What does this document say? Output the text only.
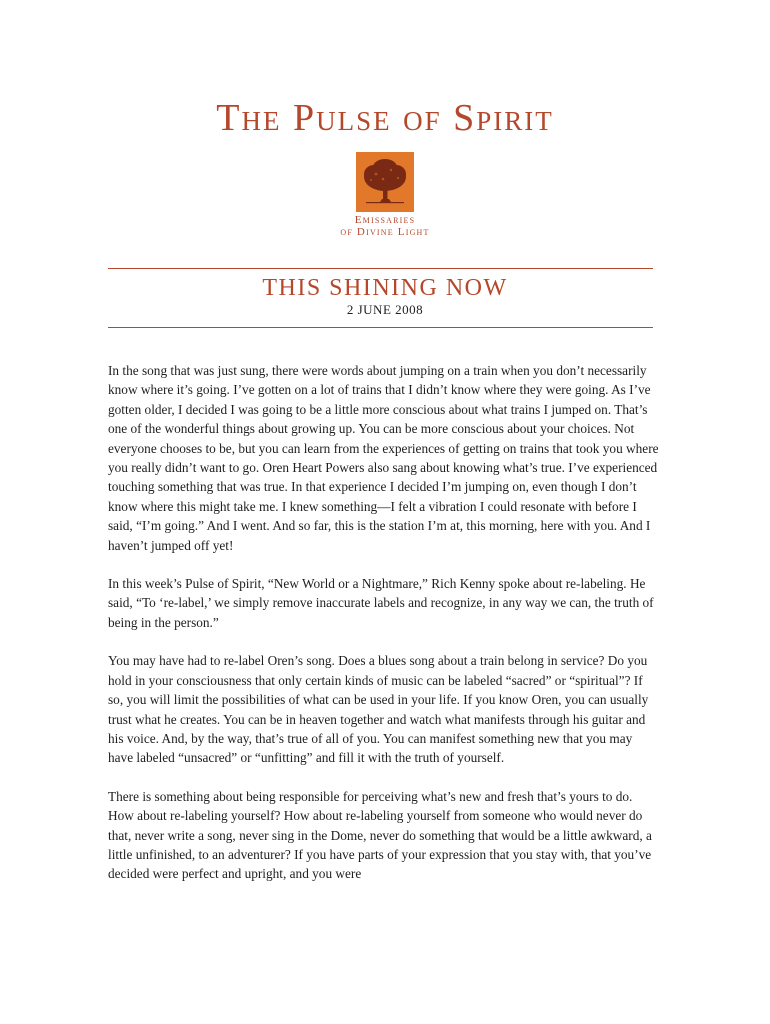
The Pulse of Spirit
Emissaries
of Divine Light
THIS SHINING NOW
2 JUNE 2008

In the song that was just sung, there were words about jumping on a train when you don’t necessarily know where it’s going. I’ve gotten on a lot of trains that I didn’t know where they were going. As I’ve gotten older, I decided I was going to be a little more conscious about what trains I jumped on. That’s one of the wonderful things about growing up. You can be more conscious about your choices. Not everyone chooses to be, but you can learn from the experiences of getting on trains that took you where you really didn’t want to go. Oren Heart Powers also sang about knowing what’s true. I’ve experienced touching something that was true. In that experience I decided I’m jumping on, even though I don’t know where this might take me. I knew something—I felt a vibration I could resonate with before I said, “I’m going.” And I went. And so far, this is the station I’m at, this morning, here with you. And I haven’t jumped off yet!

In this week’s Pulse of Spirit, “New World or a Nightmare,” Rich Kenny spoke about re-labeling. He said, “To ‘re-label,’ we simply remove inaccurate labels and recognize, in any way we can, the truth of being in the person.”

You may have had to re-label Oren’s song. Does a blues song about a train belong in service? Do you hold in your consciousness that only certain kinds of music can be labeled “sacred” or “spiritual”? If so, you will limit the possibilities of what can be used in your life. If you know Oren, you can usually trust what he creates. You can be in heaven together and watch what manifests through his guitar and his voice. And, by the way, that’s true of all of you. You can manifest something new that you may have labeled “unsacred” or “unfitting” and fill it with the truth of yourself.

There is something about being responsible for perceiving what’s new and fresh that’s yours to do. How about re-labeling yourself? How about re-labeling yourself from someone who would never do that, never write a song, never sing in the Dome, never do something that would be a little awkward, a little unfinished, to an adventurer? If you have parts of your expression that you stay with, that you’ve decided were perfect and upright, and you were
